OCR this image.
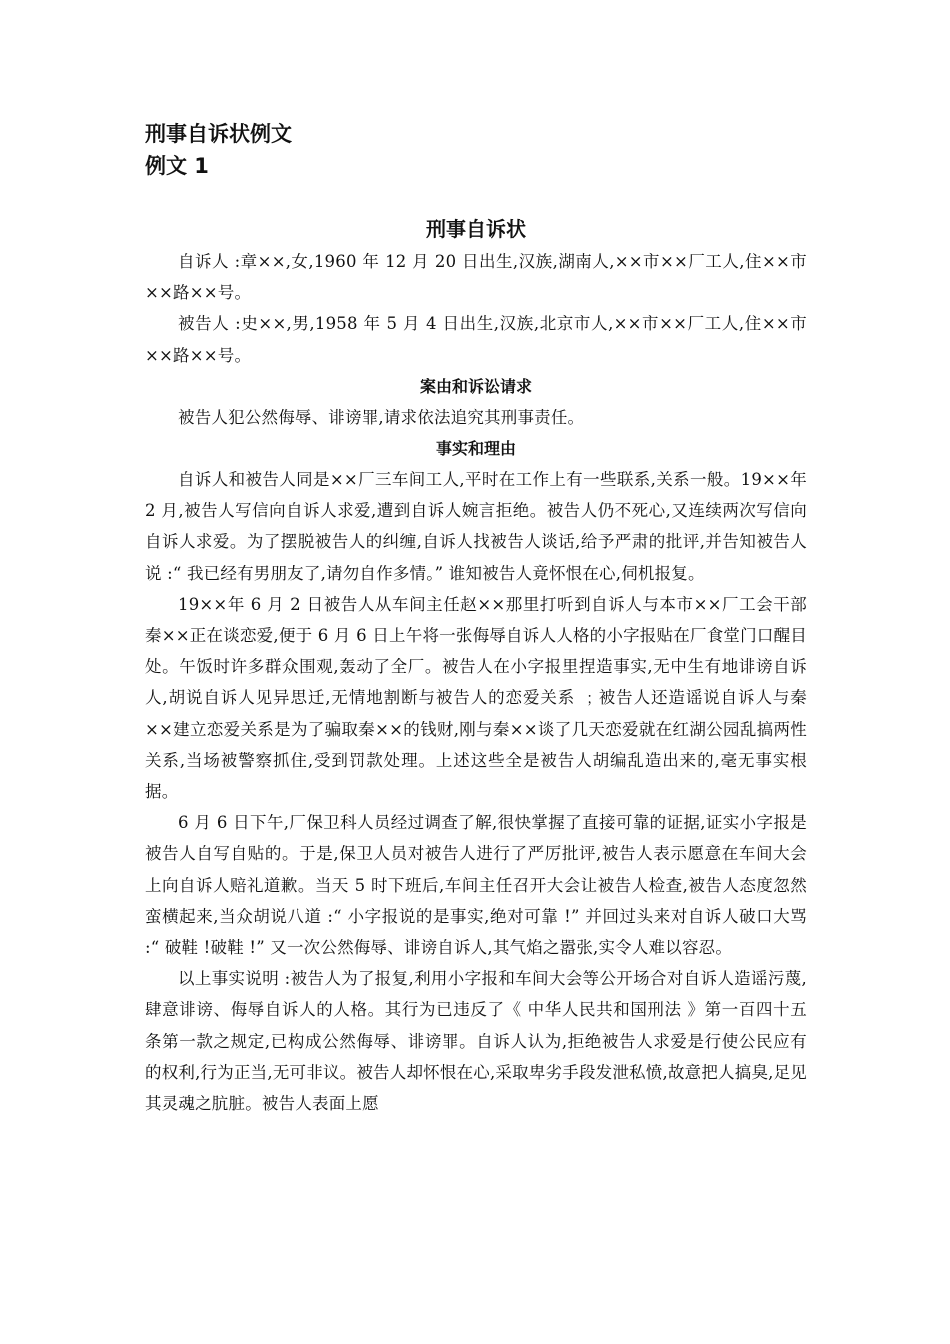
刑事自诉状例文
例文 1
刑事自诉状

自诉人 :章××,女,1960 年 12 月 20 日出生,汉族,湖南人,××市××厂工人,住××市××路××号。

被告人 :史××,男,1958 年 5 月 4 日出生,汉族,北京市人,××市××厂工人,住××市××路××号。

案由和诉讼请求

被告人犯公然侮辱、诽谤罪,请求依法追究其刑事责任。

事实和理由

自诉人和被告人同是××厂三车间工人,平时在工作上有一些联系,关系一般。19××年 2 月,被告人写信向自诉人求爱,遭到自诉人婉言拒绝。被告人仍不死心,又连续两次写信向自诉人求爱。为了摆脱被告人的纠缠,自诉人找被告人谈话,给予严肃的批评,并告知被告人说 :“ 我已经有男朋友了,请勿自作多情。” 谁知被告人竟怀恨在心,伺机报复。

19××年 6 月 2 日被告人从车间主任赵××那里打听到自诉人与本市××厂工会干部秦××正在谈恋爱,便于 6 月 6 日上午将一张侮辱自诉人人格的小字报贴在厂食堂门口醒目处。午饭时许多群众围观,轰动了全厂。被告人在小字报里捏造事实,无中生有地诽谤自诉人,胡说自诉人见异思迁,无情地割断与被告人的恋爱关系 ﹔被告人还造谣说自诉人与秦××建立恋爱关系是为了骗取秦××的钱财,刚与秦××谈了几天恋爱就在红湖公园乱搞两性关系,当场被警察抓住,受到罚款处理。上述这些全是被告人胡编乱造出来的,毫无事实根据。

6 月 6 日下午,厂保卫科人员经过调查了解,很快掌握了直接可靠的证据,证实小字报是被告人自写自贴的。于是,保卫人员对被告人进行了严厉批评,被告人表示愿意在车间大会上向自诉人赔礼道歉。当天 5 时下班后,车间主任召开大会让被告人检查,被告人态度忽然蛮横起来,当众胡说八道 :“ 小字报说的是事实,绝对可靠 !” 并回过头来对自诉人破口大骂 :“ 破鞋 !破鞋 !” 又一次公然侮辱、诽谤自诉人,其气焰之嚣张,实令人难以容忍。

以上事实说明 :被告人为了报复,利用小字报和车间大会等公开场合对自诉人造谣污蔑,肆意诽谤、侮辱自诉人的人格。其行为已违反了《 中华人民共和国刑法 》第一百四十五条第一款之规定,已构成公然侮辱、诽谤罪。自诉人认为,拒绝被告人求爱是行使公民应有的权利,行为正当,无可非议。被告人却怀恨在心,采取卑劣手段发泄私愤,故意把人搞臭,足见其灵魂之肮脏。被告人表面上愿
